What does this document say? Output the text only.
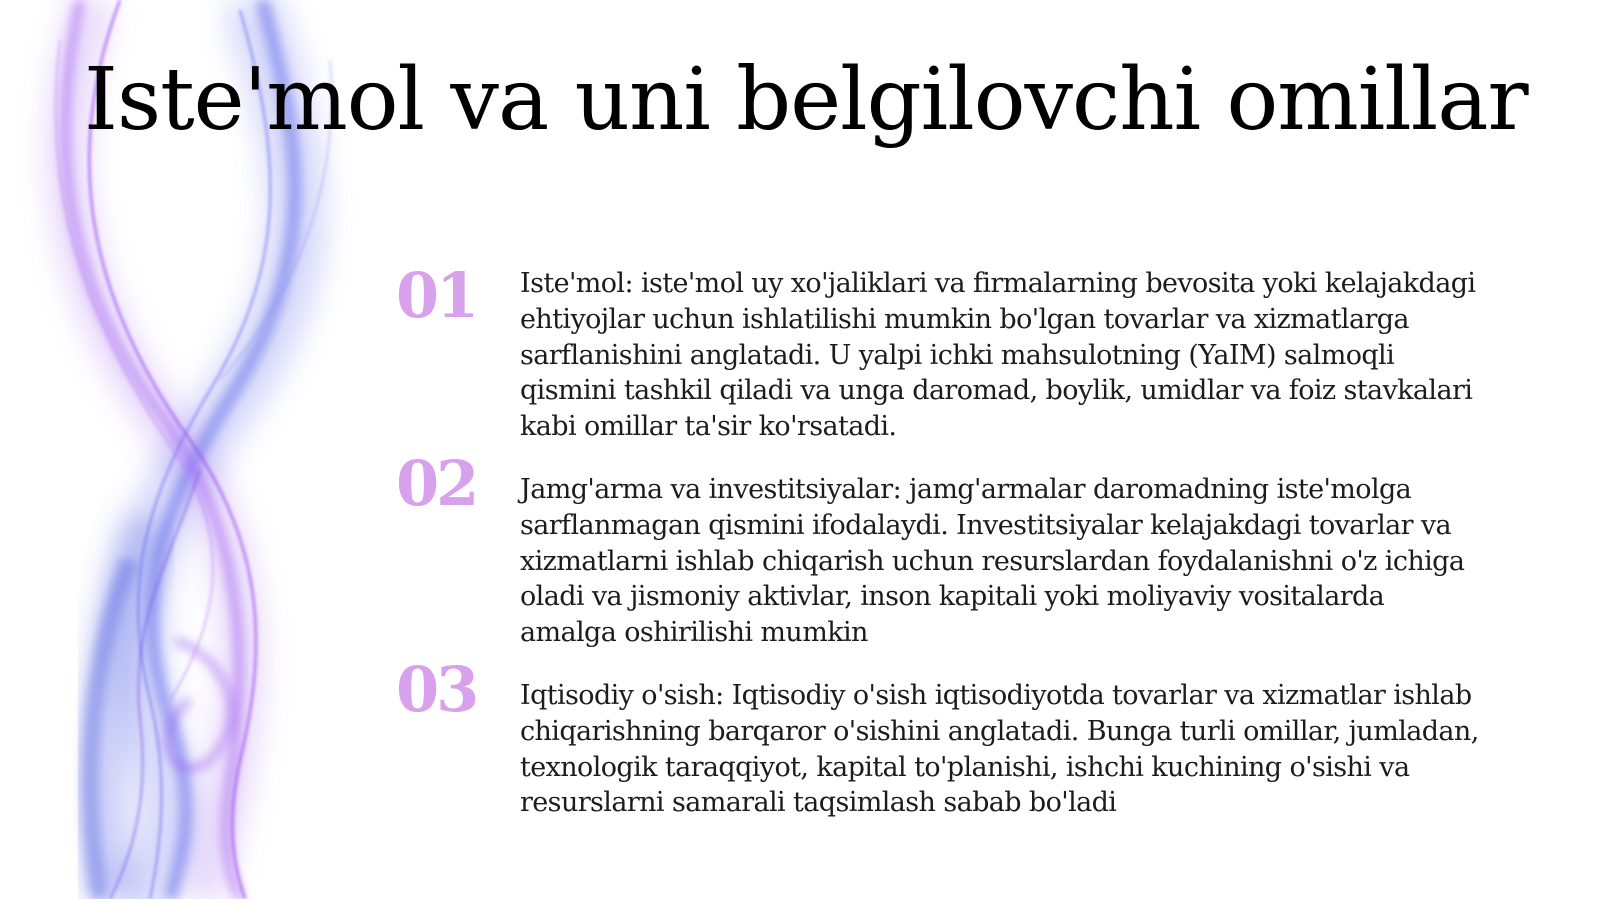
Iste'mol va uni belgilovchi omillar
01	Iste'mol: iste'mol uy xo'jaliklari va firmalarning bevosita yoki kelajakdagi ehtiyojlar uchun ishlatilishi mumkin bo'lgan tovarlar va xizmatlarga sarflanishini anglatadi. U yalpi ichki mahsulotning (YaIM) salmoqli qismini tashkil qiladi va unga daromad, boylik, umidlar va foiz stavkalari kabi omillar ta'sir ko'rsatadi.

02	Jamg'arma va investitsiyalar: jamg'armalar daromadning iste'molga sarflanmagan qismini ifodalaydi. Investitsiyalar kelajakdagi tovarlar va xizmatlarni ishlab chiqarish uchun resurslardan foydalanishni o'z ichiga oladi va jismoniy aktivlar, inson kapitali yoki moliyaviy vositalarda amalga oshirilishi mumkin

03	Iqtisodiy o'sish: Iqtisodiy o'sish iqtisodiyotda tovarlar va xizmatlar ishlab chiqarishning barqaror o'sishini anglatadi. Bunga turli omillar, jumladan, texnologik taraqqiyot, kapital to'planishi, ishchi kuchining o'sishi va resurslarni samarali taqsimlash sabab bo'ladi
